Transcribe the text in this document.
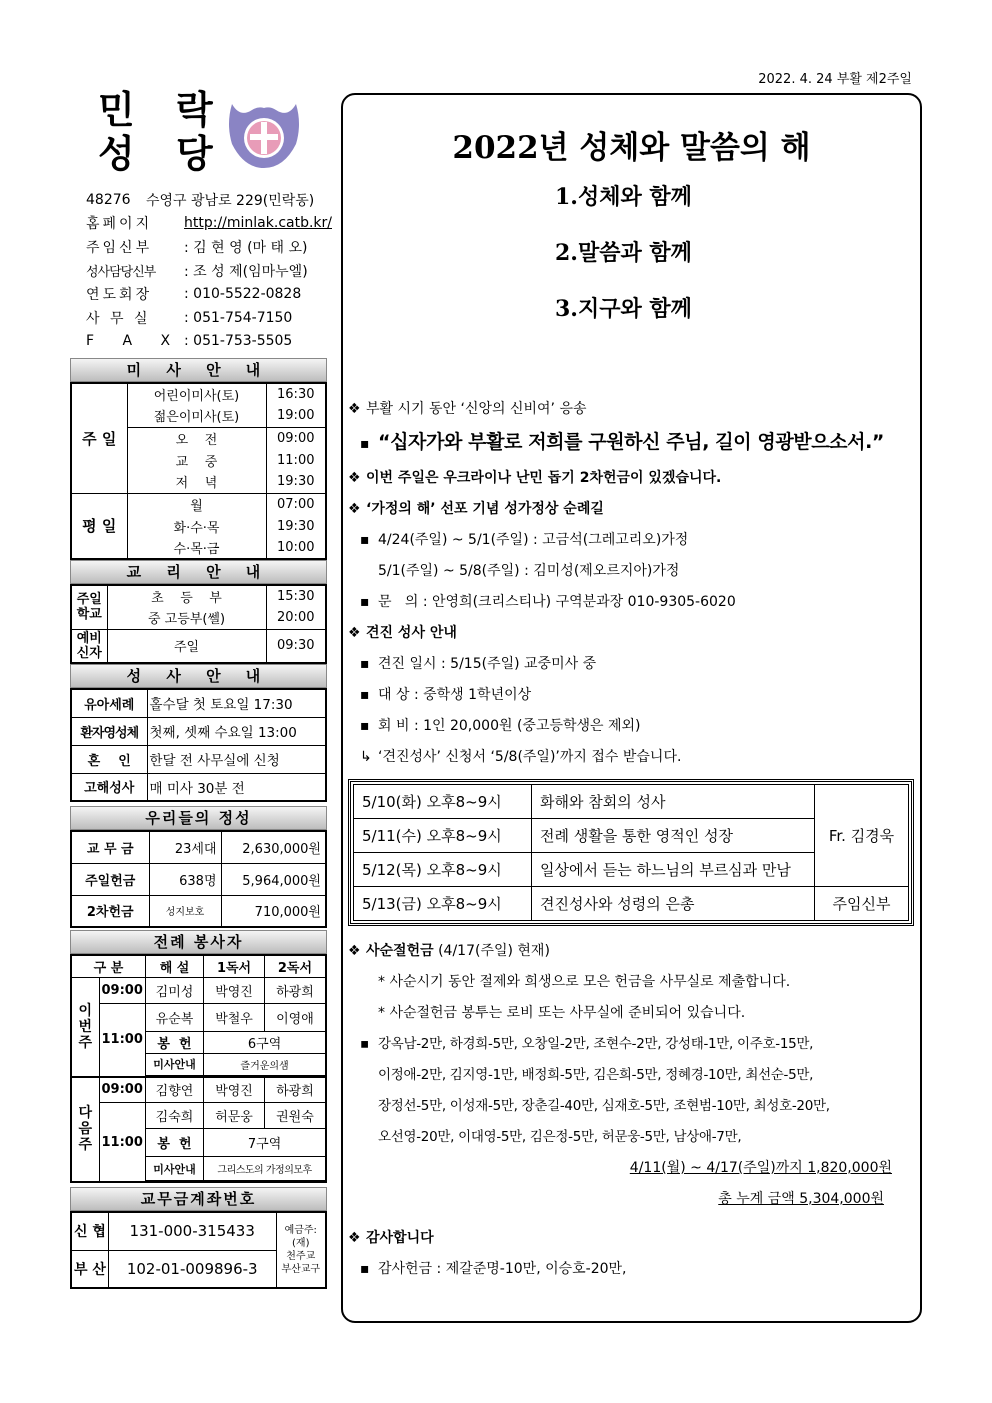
2022. 4. 24 부활 제2주일
민 락
성 당
48276	수영구 광남로 229(민락동)
홈페이지	http://minlak.catb.kr/
주임신부	: 김 현 영 (마 태 오)
성사담당신부	: 조 성 제(임마누엘)
연도회장	: 010-5522-0828
사 무 실	: 051-754-7150
F A X : 051-753-5505
미 사 안 내
주 일	어린이미사(토)	16:30
	젊은이미사(토)	19:00
	오    전	09:00
	교    중	11:00
	저    녁	19:30
평 일	월	07:00
	화·수·목	19:30
	수·목·금	10:00
교 리 안 내
주일
학교	초    등    부	15:30
	중 고등부(쎌)	20:00
예비
신자	주일	09:30
성 사 안 내
유아세례	홀수달 첫 토요일 17:30
환자영성체	첫째, 셋째 수요일 13:00
혼    인	한달 전 사무실에 신청
고해성사	매 미사 30분 전
우리들의 정성
교 무 금	23세대	2,630,000원
주일헌금	638명	5,964,000원
2차헌금	성지보호	710,000원
전례 봉사자
구 분		해 설	1독서	2독서
이
번
주	09:00	김미성	박영진	하광희
	11:00	유순복	박철우	이영애
		봉  헌	6구역	
		미사안내	즐거운의샘	

다
음
주	09:00	김향연	박영진	하광희
	11:00	김숙희	허문웅	권원숙
		봉  헌	7구역	
		미사안내	그리스도의 가정의모후	

교무금계좌번호
신 협	131-000-315433	예금주:
(재)
천주교
부산교구
부 산	102-01-009896-3	
2022년 성체와 말씀의 해
1.성체와 함께
2.말씀과 함께
3.지구와 함께
❖ 부활 시기 동안 ‘신앙의 신비여’ 응송
▪ “십자가와 부활로 저희를 구원하신 주님, 길이 영광받으소서.”
❖ 이번 주일은 우크라이나 난민 돕기 2차헌금이 있겠습니다.
❖ ‘가정의 해’ 선포 기념 성가정상 순례길
▪ 4/24(주일) ~ 5/1(주일) : 고금석(그레고리오)가정
5/1(주일) ~ 5/8(주일) : 김미성(제오르지아)가정
▪ 문   의 : 안영희(크리스티나) 구역분과장 010-9305-6020
❖ 견진 성사 안내
▪ 견진 일시 : 5/15(주일) 교중미사 중
▪ 대 상 : 중학생 1학년이상
▪ 회 비 : 1인 20,000원 (중고등학생은 제외)
↳ ‘견진성사’ 신청서 ‘5/8(주일)’까지 접수 받습니다.
5/10(화) 오후8~9시	화해와 참회의 성사	Fr. 김경욱
5/11(수) 오후8~9시	전례 생활을 통한 영적인 성장	
5/12(목) 오후8~9시	일상에서 듣는 하느님의 부르심과 만남	
5/13(금) 오후8~9시	견진성사와 성령의 은총	주임신부
❖ 사순절헌금 (4/17(주일) 현재)
* 사순시기 동안 절제와 희생으로 모은 헌금을 사무실로 제출합니다.
* 사순절헌금 봉투는 로비 또는 사무실에 준비되어 있습니다.
▪ 강옥남-2만, 하경희-5만, 오창일-2만, 조현수-2만, 강성태-1만, 이주호-15만,
이정애-2만, 김지영-1만, 배정희-5만, 김은희-5만, 정혜경-10만, 최선순-5만,
장정선-5만, 이성재-5만, 장춘길-40만, 심재호-5만, 조현범-10만, 최성호-20만,
오선영-20만, 이대영-5만, 김은정-5만, 허문웅-5만, 남상애-7만,
4/11(월) ~ 4/17(주일)까지 1,820,000원
총 누계 금액 5,304,000원
❖ 감사합니다
▪ 감사헌금 : 제갈준명-10만, 이승호-20만,
